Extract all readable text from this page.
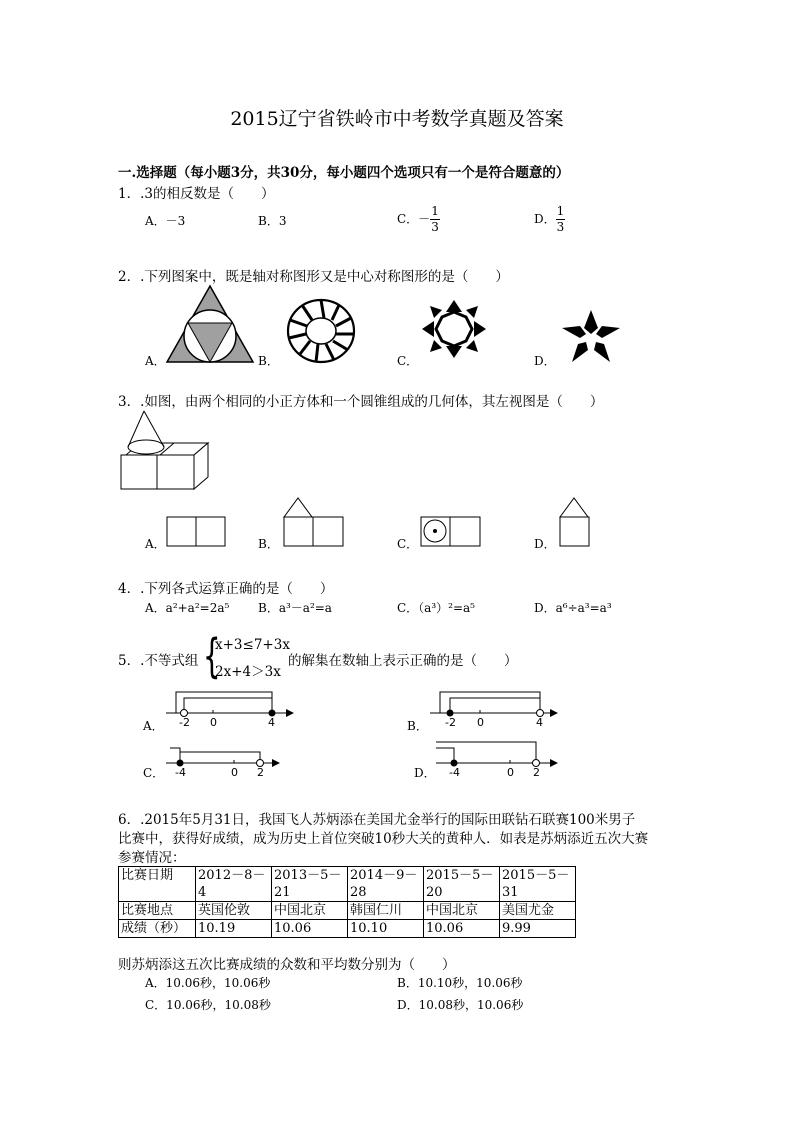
2015辽宁省铁岭市中考数学真题及答案
一.选择题（每小题3分，共30分，每小题四个选项只有一个是符合题意的）
1．.3的相反数是（　　）
A．－3	B．3	C．－ $\frac{1}{3}$	D． $\frac{1}{3}$
2．.下列图案中，既是轴对称图形又是中心对称图形的是（　　）
A．	B．	C．	D．
3．.如图，由两个相同的小正方体和一个圆锥组成的几何体，其左视图是（　　）
A．	B．	C．	D．
4．.下列各式运算正确的是（　　）
A．a²+a²=2a⁵ B．a³－a²=a	C．（a³）²=a⁵	D．a⁶÷a³=a³
5．.不等式组 {
x+3≤7+3x
2x+4＞3x
的解集在数轴上表示正确的是（　　）
A．	B．
C．	D．
-2 0	4	-2 0	4
-4	0 2	-4	0 2
6．.2015年5月31日，我国飞人苏炳添在美国尤金举行的国际田联钻石联赛100米男子
比赛中，获得好成绩，成为历史上首位突破10秒大关的黄种人．如表是苏炳添近五次大赛
参赛情况：
比赛日期	2012－8－4	2013－5－21	2014－9－28	2015－5－20	2015－5－31
比赛地点	英国伦敦	中国北京	韩国仁川	中国北京	美国尤金
成绩（秒）	10.19	10.06	10.10	10.06	9.99
则苏炳添这五次比赛成绩的众数和平均数分别为（　　）
A．10.06秒，10.06秒	B．10.10秒，10.06秒
C．10.06秒，10.08秒	D．10.08秒，10.06秒
